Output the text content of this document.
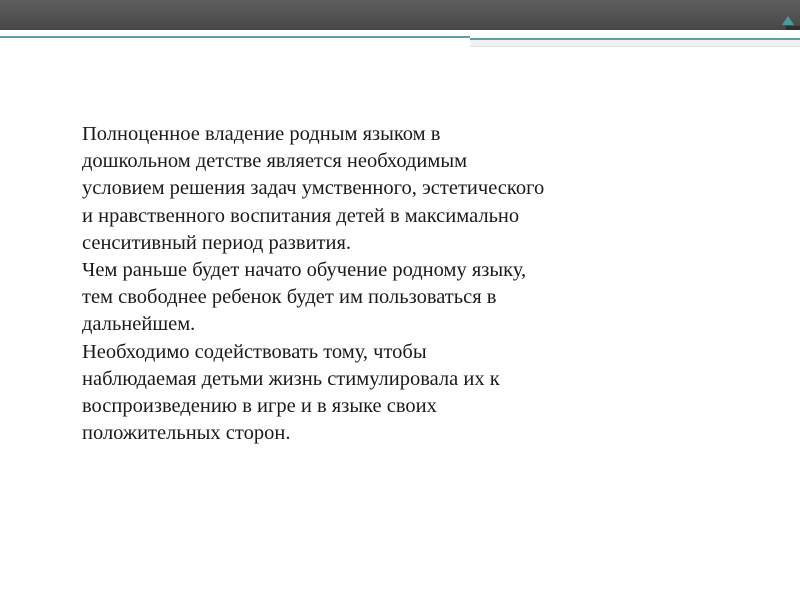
Полноценное владение родным языком в
дошкольном детстве является необходимым
условием решения задач умственного, эстетического
и нравственного воспитания детей в максимально
сенситивный период развития.

Чем раньше будет начато обучение родному языку,
тем свободнее ребенок будет им пользоваться в
дальнейшем.

Необходимо содействовать тому, чтобы
наблюдаемая детьми жизнь стимулировала их к
воспроизведению в игре и в языке своих
положительных сторон.
